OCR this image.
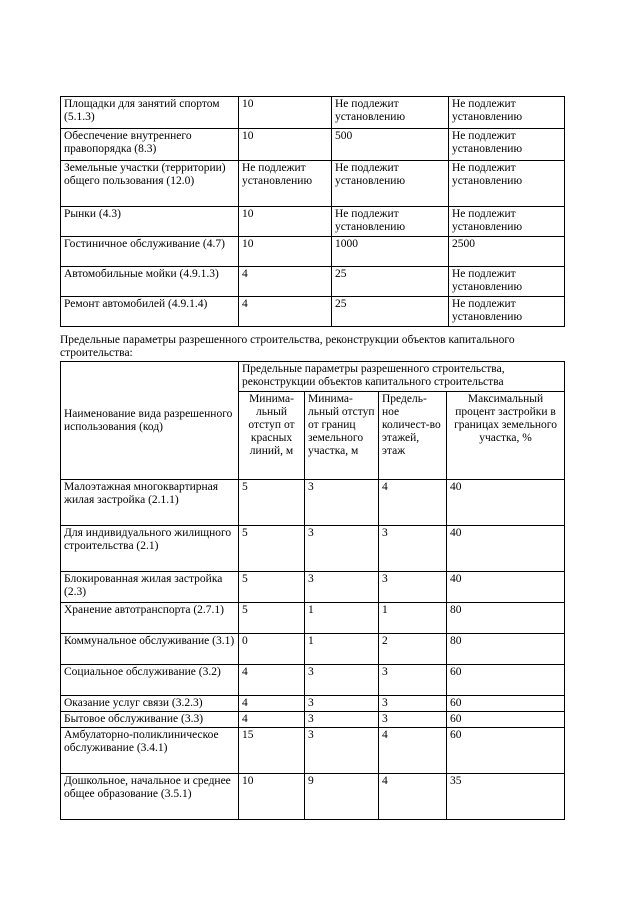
Площадки для занятий спортом (5.1.3)	10	Не подлежит установлению	Не подлежит установлению
Обеспечение внутреннего правопорядка (8.3)	10	500	Не подлежит установлению
Земельные участки (территории) общего пользования (12.0)	Не подлежит установлению	Не подлежит установлению	Не подлежит установлению
Рынки (4.3)	10	Не подлежит установлению	Не подлежит установлению
Гостиничное обслуживание (4.7)	10	1000	2500
Автомобильные мойки (4.9.1.3)	4	25	Не подлежит установлению
Ремонт автомобилей (4.9.1.4)	4	25	Не подлежит установлению
Предельные параметры разрешенного строительства, реконструкции объектов капитального строительства:
Наименование вида разрешенного использования (код)	Предельные параметры разрешенного строительства, реконструкции объектов капитального строительства			
	Минима-льный отступ от красных линий, м	Минима-льный отступ от границ земельного участка, м	Предель-ное количест-во этажей, этаж	Максимальный процент застройки в границах земельного участка, %
Малоэтажная многоквартирная жилая застройка (2.1.1)	5	3	4	40
Для индивидуального жилищного строительства (2.1)	5	3	3	40
Блокированная жилая застройка (2.3)	5	3	3	40
Хранение автотранспорта (2.7.1)	5	1	1	80
Коммунальное обслуживание (3.1)	0	1	2	80
Социальное обслуживание (3.2)	4	3	3	60
Оказание услуг связи (3.2.3)	4	3	3	60
Бытовое обслуживание (3.3)	4	3	3	60
Амбулаторно-поликлиническое обслуживание (3.4.1)	15	3	4	60
Дошкольное, начальное и среднее общее образование (3.5.1)	10	9	4	35
